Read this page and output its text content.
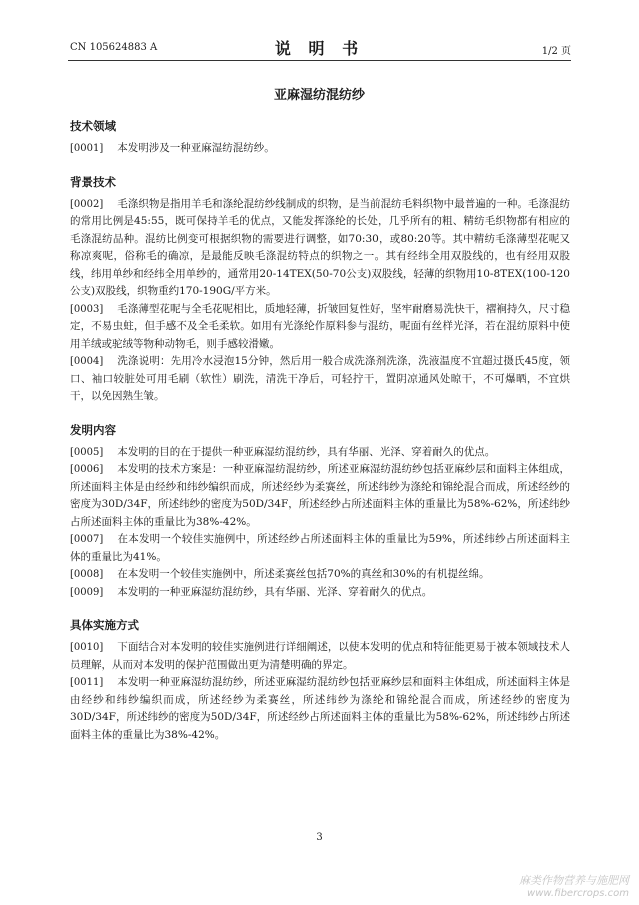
CN 105624883 A	说 明 书	1/2 页
亚麻湿纺混纺纱
技术领域

[0001] 本发明涉及一种亚麻湿纺混纺纱。

背景技术

[0002] 毛涤织物是指用羊毛和涤纶混纺纱线制成的织物，是当前混纺毛料织物中最普遍的一种。毛涤混纺的常用比例是45:55，既可保持羊毛的优点，又能发挥涤纶的长处，几乎所有的粗、精纺毛织物都有相应的毛涤混纺品种。混纺比例变可根据织物的需要进行调整，如70:30，或80:20等。其中精纺毛涤薄型花呢又称凉爽呢，俗称毛的确凉，是最能反映毛涤混纺特点的织物之一。其有经纬全用双股线的，也有经用双股线，纬用单纱和经纬全用单纱的，通常用20-14TEX(50-70公支)双股线，轻薄的织物用10-8TEX(100-120公支)双股线，织物重约170-190G/平方米。

[0003] 毛涤薄型花呢与全毛花呢相比，质地轻薄，折皱回复性好，坚牢耐磨易洗快干，褶裥持久，尺寸稳定，不易虫蛀，但手感不及全毛柔软。如用有光涤纶作原料参与混纺，呢面有丝样光泽，若在混纺原料中使用羊绒或驼绒等物种动物毛，则手感较滑嫩。

[0004] 洗涤说明：先用冷水浸泡15分钟，然后用一般合成洗涤剂洗涤，洗液温度不宜超过摄氏45度，领口、袖口较脏处可用毛刷（软性）刷洗，清洗干净后，可轻拧干，置阴凉通风处晾干，不可爆晒，不宜烘干，以免因熟生皱。

发明内容

[0005] 本发明的目的在于提供一种亚麻湿纺混纺纱，具有华丽、光泽、穿着耐久的优点。

[0006] 本发明的技术方案是：一种亚麻湿纺混纺纱，所述亚麻湿纺混纺纱包括亚麻纱层和面料主体组成，所述面料主体是由经纱和纬纱编织而成，所述经纱为柔赛丝，所述纬纱为涤纶和锦纶混合而成，所述经纱的密度为30D/34F，所述纬纱的密度为50D/34F，所述经纱占所述面料主体的重量比为58%-62%，所述纬纱占所述面料主体的重量比为38%-42%。

[0007] 在本发明一个较佳实施例中，所述经纱占所述面料主体的重量比为59%，所述纬纱占所述面料主体的重量比为41%。

[0008] 在本发明一个较佳实施例中，所述柔赛丝包括70%的真丝和30%的有机提丝绵。

[0009] 本发明的一种亚麻湿纺混纺纱，具有华丽、光泽、穿着耐久的优点。

具体实施方式

[0010] 下面结合对本发明的较佳实施例进行详细阐述，以使本发明的优点和特征能更易于被本领域技术人员理解，从而对本发明的保护范围做出更为清楚明确的界定。

[0011] 本发明一种亚麻湿纺混纺纱，所述亚麻湿纺混纺纱包括亚麻纱层和面料主体组成，所述面料主体是由经纱和纬纱编织而成，所述经纱为柔赛丝，所述纬纱为涤纶和锦纶混合而成，所述经纱的密度为30D/34F，所述纬纱的密度为50D/34F，所述经纱占所述面料主体的重量比为58%-62%，所述纬纱占所述面料主体的重量比为38%-42%。

3
麻类作物营养与施肥网
www.fibercrops.com
